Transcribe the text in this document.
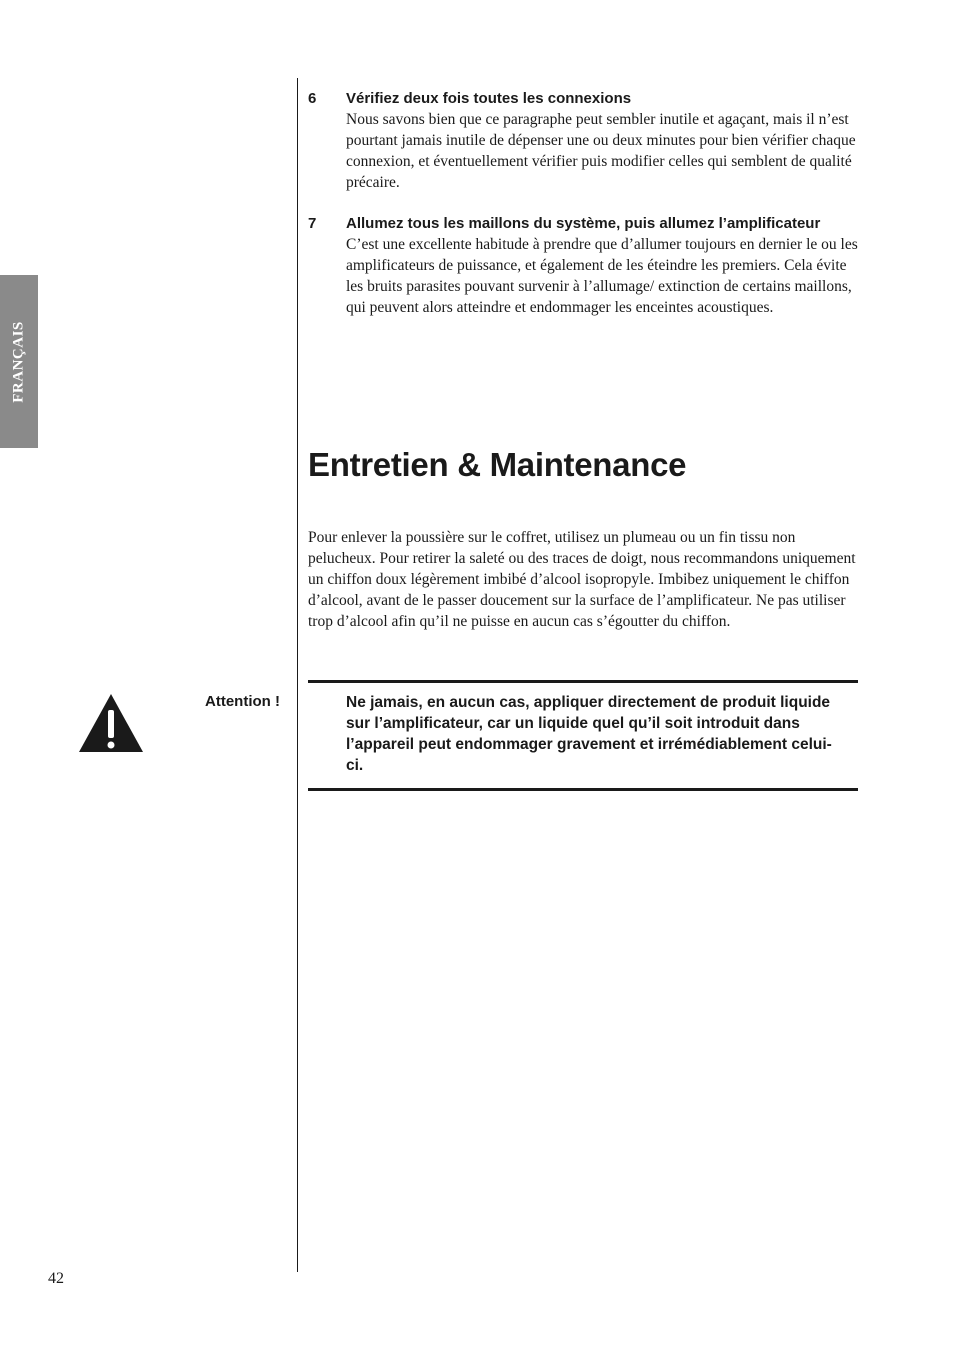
FRANÇAIS
6 Vérifiez deux fois toutes les connexions
Nous savons bien que ce paragraphe peut sembler inutile et agaçant, mais il n’est pourtant jamais inutile de dépenser une ou deux minutes pour bien vérifier chaque connexion, et éventuellement vérifier puis modifier celles qui semblent de qualité précaire.
7 Allumez tous les maillons du système, puis allumez l’amplificateur
C’est une excellente habitude à prendre que d’allumer toujours en dernier le ou les amplificateurs de puissance, et également de les éteindre les premiers. Cela évite les bruits parasites pouvant survenir à l’allumage/ extinction de certains maillons, qui peuvent alors atteindre et endommager les enceintes acoustiques.
Entretien & Maintenance

Pour enlever la poussière sur le coffret, utilisez un plumeau ou un fin tissu non pelucheux. Pour retirer la saleté ou des traces de doigt, nous recommandons uniquement un chiffon doux légèrement imbibé d’alcool isopropyle. Imbibez uniquement le chiffon d’alcool, avant de le passer doucement sur la surface de l’amplificateur. Ne pas utiliser trop d’alcool afin qu’il ne puisse en aucun cas s’égoutter du chiffon.

Attention !	Ne jamais, en aucun cas, appliquer directement de produit liquide sur l’amplificateur, car un liquide quel qu’il soit introduit dans l’appareil peut endommager gravement et irrémédiablement celui-ci.

42
